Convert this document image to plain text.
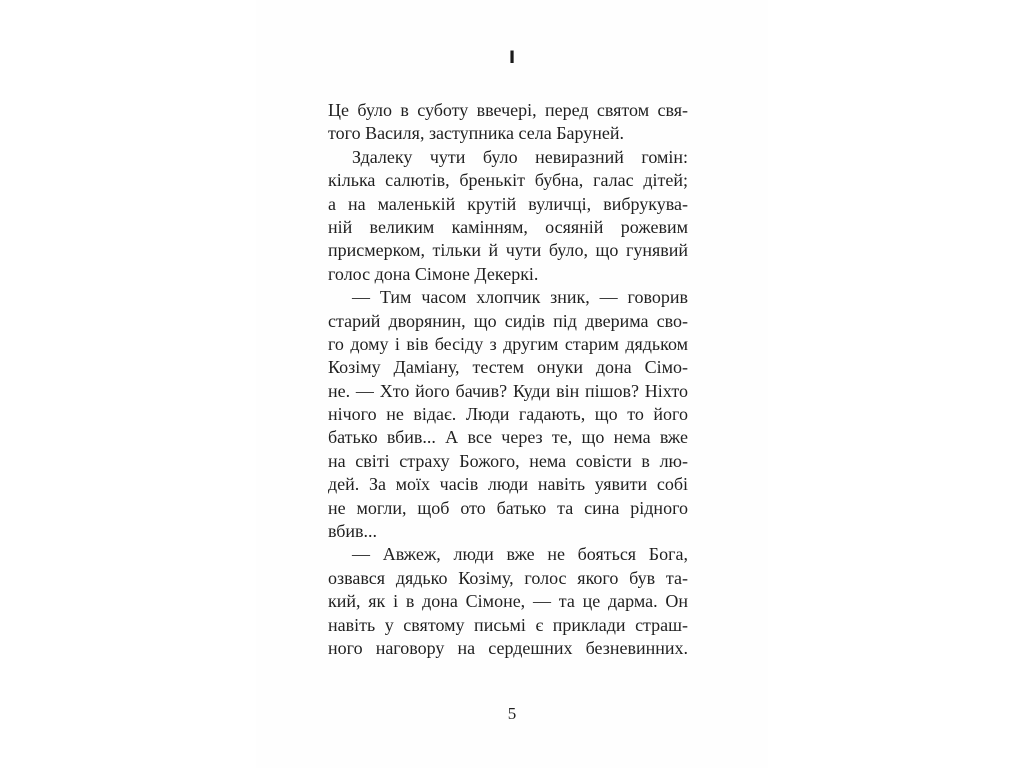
I
Це було в суботу ввечері, перед святом свя-
того Василя, заступника села Баруней.
Здалеку чути було невиразний гомін:
кілька салютів, бренькіт бубна, галас дітей;
а на маленькій крутій вуличці, вибрукува-
ній великим камінням, осяяній рожевим
присмерком, тільки й чути було, що гунявий
голос дона Сімоне Декеркі.
— Тим часом хлопчик зник, — говорив
старий дворянин, що сидів під дверима сво-
го дому і вів бесіду з другим старим дядьком
Козіму Даміану, тестем онуки дона Сімо-
не. — Хто його бачив? Куди він пішов? Ніхто
нічого не відає. Люди гадають, що то його
батько вбив... А все через те, що нема вже
на світі страху Божого, нема совісти в лю-
дей. За моїх часів люди навіть уявити собі
не могли, щоб ото батько та сина рідного
вбив...
— Авжеж, люди вже не бояться Бога,
озвався дядько Козіму, голос якого був та-
кий, як і в дона Сімоне, — та це дарма. Он
навіть у святому письмі є приклади страш-
ного наговору на сердешних безневинних.
5
